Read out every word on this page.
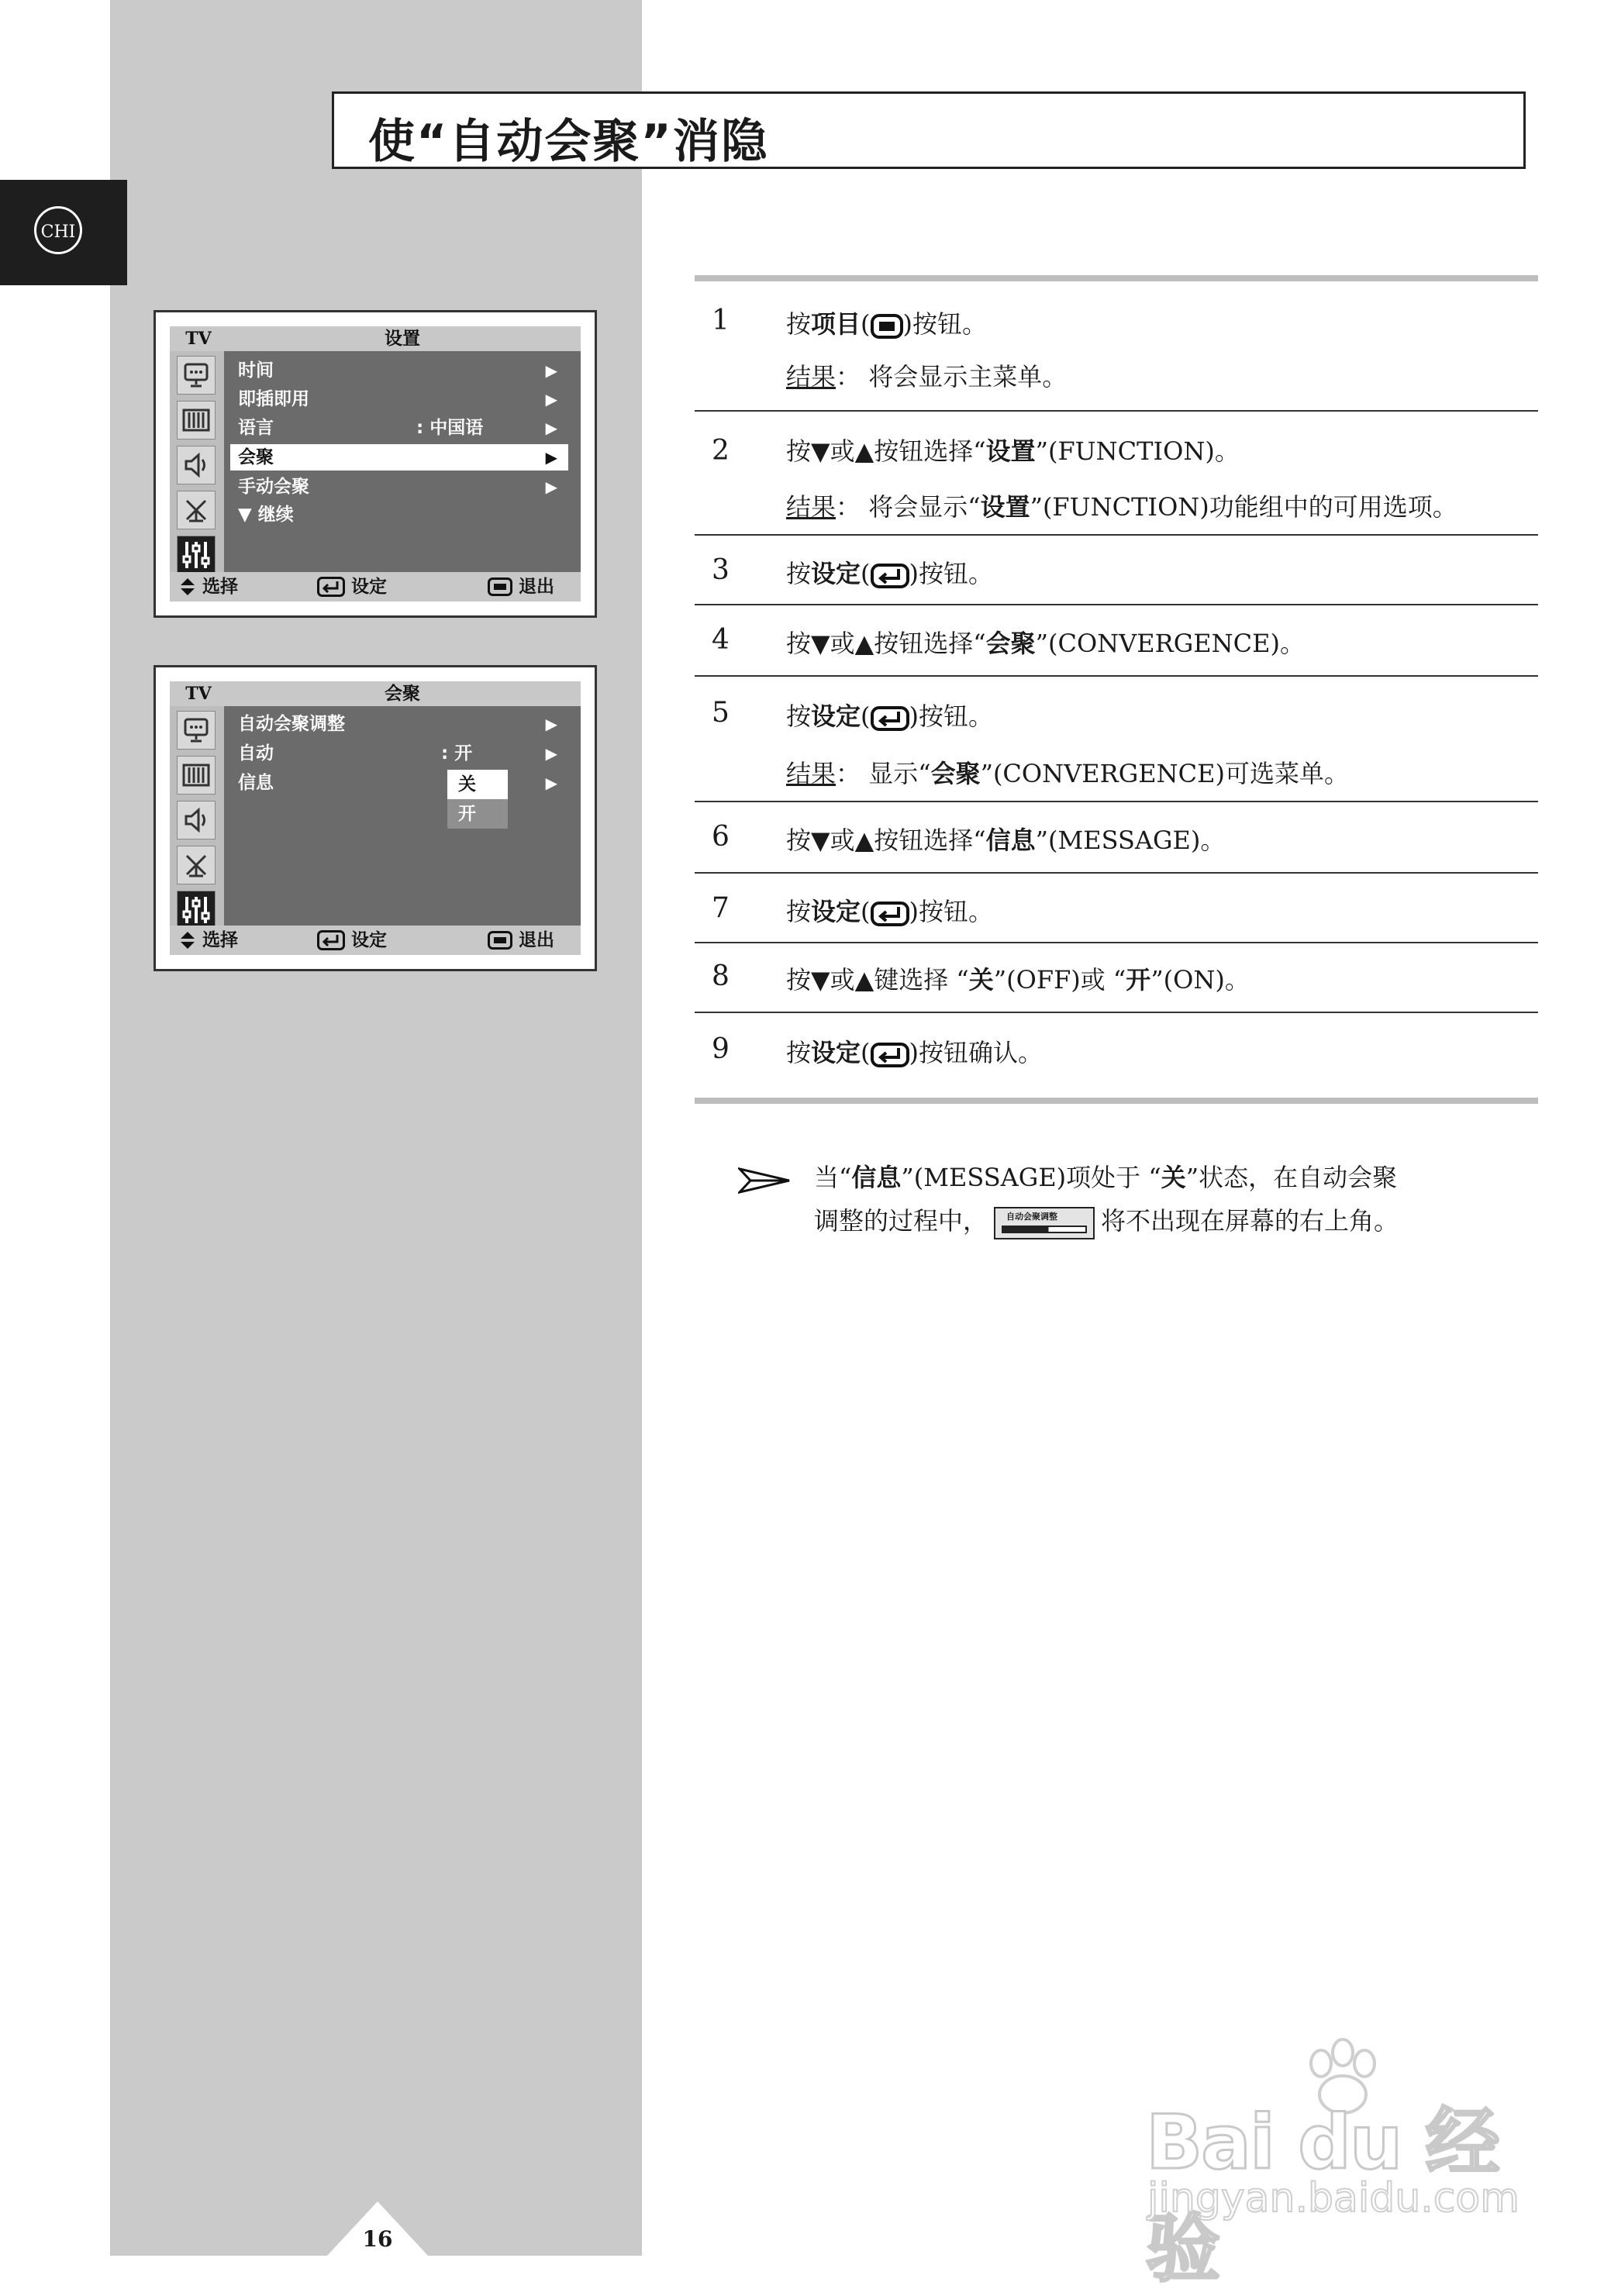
CHI
使“自动会聚”消隐
TV	设置
时间	▶
即插即用	▶
语言	: 中国语	▶
会聚	▶
手动会聚	▶
▼ 继续
选择	设定	退出
TV	会聚
自动会聚调整	▶
自动	: 开	▶
信息	▶
关
开
选择	设定	退出
1 按项目( )按钮。
结果： 将会显示主菜单。
2 按▼或▲按钮选择“设置”(FUNCTION)。
结果： 将会显示“设置”(FUNCTION)功能组中的可用选项。
3 按设定( )按钮。
4 按▼或▲按钮选择“会聚”(CONVERGENCE)。
5 按设定( )按钮。
结果： 显示“会聚”(CONVERGENCE)可选菜单。
6 按▼或▲按钮选择“信息”(MESSAGE)。
7 按设定( )按钮。
8 按▼或▲键选择 “关”(OFF)或 “开”(ON)。
9 按设定( )按钮确认。
当“信息”(MESSAGE)项处于 “关”状态，在自动会聚
调整的过程中， 自动会聚调整 将不出现在屏幕的右上角。
16
Bai du 经验
jingyan.baidu.com
